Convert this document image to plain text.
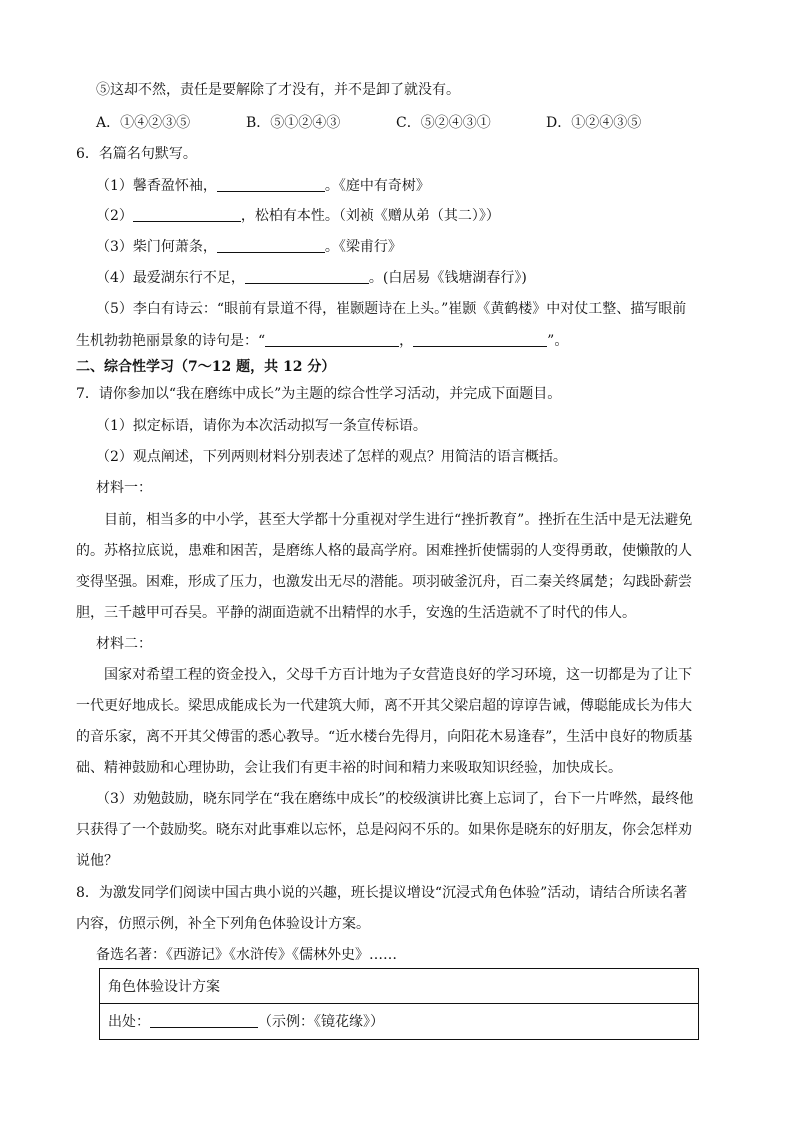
⑤这却不然，责任是要解除了才没有，并不是卸了就没有。
A．①④②③⑤	B．⑤①②④③	C．⑤②④③①	D．①②④③⑤
6．名篇名句默写。
（1）馨香盈怀袖，	。《庭中有奇树》
（2）	，松柏有本性。（刘祯《赠从弟（其二）》）
（3）柴门何萧条，	。《梁甫行》
（4）最爱湖东行不足，	。(白居易《钱塘湖春行》)
（5）李白有诗云：“眼前有景道不得，崔颢题诗在上头。”崔颢《黄鹤楼》中对仗工整、描写眼前
生机勃勃艳丽景象的诗句是：“	，	”。
二、综合性学习（7～12 题，共 12 分）
7．请你参加以“我在磨练中成长”为主题的综合性学习活动，并完成下面题目。
（1）拟定标语，请你为本次活动拟写一条宣传标语。
（2）观点阐述，下列两则材料分别表述了怎样的观点？用简洁的语言概括。
材料一：
目前，相当多的中小学，甚至大学都十分重视对学生进行“挫折教育”。挫折在生活中是无法避免
的。苏格拉底说，患难和困苦，是磨练人格的最高学府。困难挫折使懦弱的人变得勇敢，使懒散的人
变得坚强。困难，形成了压力，也激发出无尽的潜能。项羽破釜沉舟，百二秦关终属楚；勾践卧薪尝
胆，三千越甲可吞吴。平静的湖面造就不出精悍的水手，安逸的生活造就不了时代的伟人。
材料二：
国家对希望工程的资金投入，父母千方百计地为子女营造良好的学习环境，这一切都是为了让下
一代更好地成长。梁思成能成长为一代建筑大师，离不开其父梁启超的谆谆告诫，傅聪能成长为伟大
的音乐家，离不开其父傅雷的悉心教导。“近水楼台先得月，向阳花木易逢春”，生活中良好的物质基
础、精神鼓励和心理协助，会让我们有更丰裕的时间和精力来吸取知识经验，加快成长。
（3）劝勉鼓励，晓东同学在“我在磨练中成长”的校级演讲比赛上忘词了，台下一片哗然，最终他
只获得了一个鼓励奖。晓东对此事难以忘怀，总是闷闷不乐的。如果你是晓东的好朋友，你会怎样劝
说他？
8．为激发同学们阅读中国古典小说的兴趣，班长提议增设“沉浸式角色体验”活动，请结合所读名著
内容，仿照示例，补全下列角色体验设计方案。
备选名著：《西游记》《水浒传》《儒林外史》……
角色体验设计方案
出处：	（示例：《镜花缘》）
